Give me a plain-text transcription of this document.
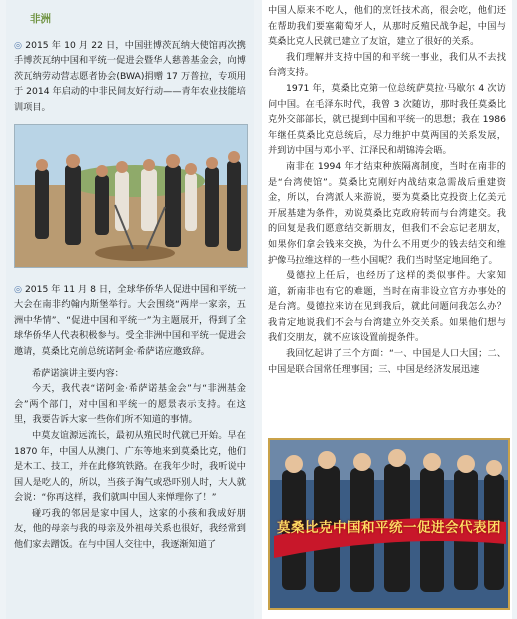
非洲

◎ 2015 年 10 月 22 日，中国驻博茨瓦纳大使馆再次携手博茨瓦纳中国和平统一促进会暨华人慈善基金会，向博茨瓦纳劳动营志愿者协会(BWA)捐赠 17 万普拉，专项用于 2014 年启动的中非民间友好行动——青年农业技能培训项目。

◎ 2015 年 11 月 8 日，全球华侨华人促进中国和平统一大会在南非约翰内斯堡举行。大会围绕“两岸一家亲，五洲中华情”、“促进中国和平统一”为主题展开，得到了全球华侨华人代表积极参与。受全非洲中国和平统一促进会邀请，莫桑比克前总统诺阿金·希萨诺应邀致辞。

希萨诺演讲主要内容：

今天，我代表“诺阿金·希萨诺基金会”与“非洲基金会”两个部门，对中国和平统一的愿景表示支持。在这里，我要告诉大家一些你们所不知道的事情。

中莫友谊源远流长，最初从殖民时代就已开始。早在 1870 年，中国人从澳门、广东等地来到莫桑比克，他们是木工、技工，并在此修筑铁路。在我年少时，我听说中国人是吃人的，所以，当孩子淘气或恐吓别人时，大人就会说：“你再这样，我们就叫中国人来惮理你了！”

碰巧我的邻居是家中国人，这家的小孩和我成好朋友，他的母亲与我的母亲及外祖母关系也很好，我经常到他们家去蹭饭。在与中国人交往中，我逐渐知道了

中国人原来不吃人，他们的烹饪技术高，很会吃，他们还在帮助我们要塞葡萄牙人，从那时反殖民战争起，中国与莫桑比克人民就已建立了友谊，建立了很好的关系。

我们理解并支持中国的和平统一事业，我们从不去找台湾支持。

1971 年，莫桑比克第一位总统萨莫拉·马歇尔 4 次访问中国。在毛泽东时代，我曾 3 次随访，那时我任莫桑比克外交部部长，就已提到中国和平统一的思想；我在 1986 年继任莫桑比克总统后，尽力维护中莫两国的关系发展，并到访中国与邓小平、江泽民和胡锦涛会晤。

南非在 1994 年才结束种族隔离制度，当时在南非的是“台湾使馆”。莫桑比克刚好内战结束急需战后重建资金，所以，台湾派人来游说，要为莫桑比克投资上亿美元开展基建为条件，劝说莫桑比克政府转而与台湾建交。我的回复是我们愿意结交新朋友，但我们不会忘记老朋友，如果你们拿会钱来交换，为什么不用更少的钱去结交和维护像马拉维这样的一些小国呢？我们当时坚定地回绝了。

曼德拉上任后，也经历了这样的类似事件。大家知道，新南非也有它的难题，当时在南非设立官方办事处的是台湾。曼德拉来访在见到我后，就此问题问我怎么办？我肯定地说我们不会与台湾建立外交关系。如果他们想与我们交朋友，就不应该设置前提条件。

我回忆起讲了三个方面：“一、中国是人口大国；二、中国是联合国常任理事国；三、中国是经济发展迅速

莫桑比克中国和平统一促进会代表团
